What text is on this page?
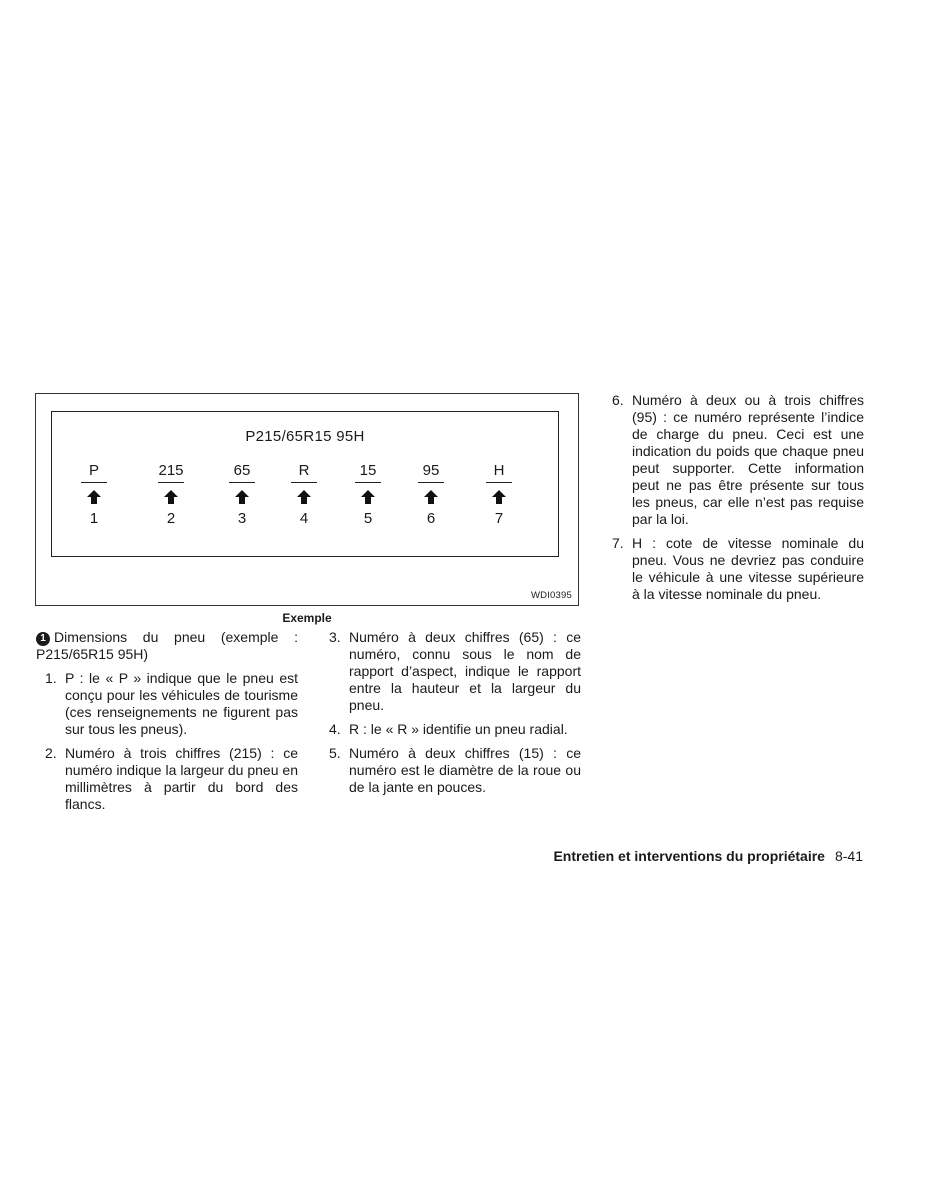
P215/65R15 95H
P
1
215
2
65
3
R
4
15
5
95
6
H
7
WDI0395
Exemple

1 Dimensions du pneu (exemple : P215/65R15 95H)

1. P : le « P » indique que le pneu est conçu pour les véhicules de tourisme (ces renseignements ne figurent pas sur tous les pneus).
2. Numéro à trois chiffres (215) : ce numéro indique la largeur du pneu en millimètres à partir du bord des flancs.
3. Numéro à deux chiffres (65) : ce numéro, connu sous le nom de rapport d’aspect, indique le rapport entre la hauteur et la largeur du pneu.
4. R : le « R » identifie un pneu radial.
5. Numéro à deux chiffres (15) : ce numéro est le diamètre de la roue ou de la jante en pouces.
6. Numéro à deux ou à trois chiffres (95) : ce numéro représente l’indice de charge du pneu. Ceci est une indication du poids que chaque pneu peut supporter. Cette information peut ne pas être présente sur tous les pneus, car elle n’est pas requise par la loi.
7. H : cote de vitesse nominale du pneu. Vous ne devriez pas conduire le véhicule à une vitesse supérieure à la vitesse nominale du pneu.
Entretien et interventions du propriétaire 8-41
